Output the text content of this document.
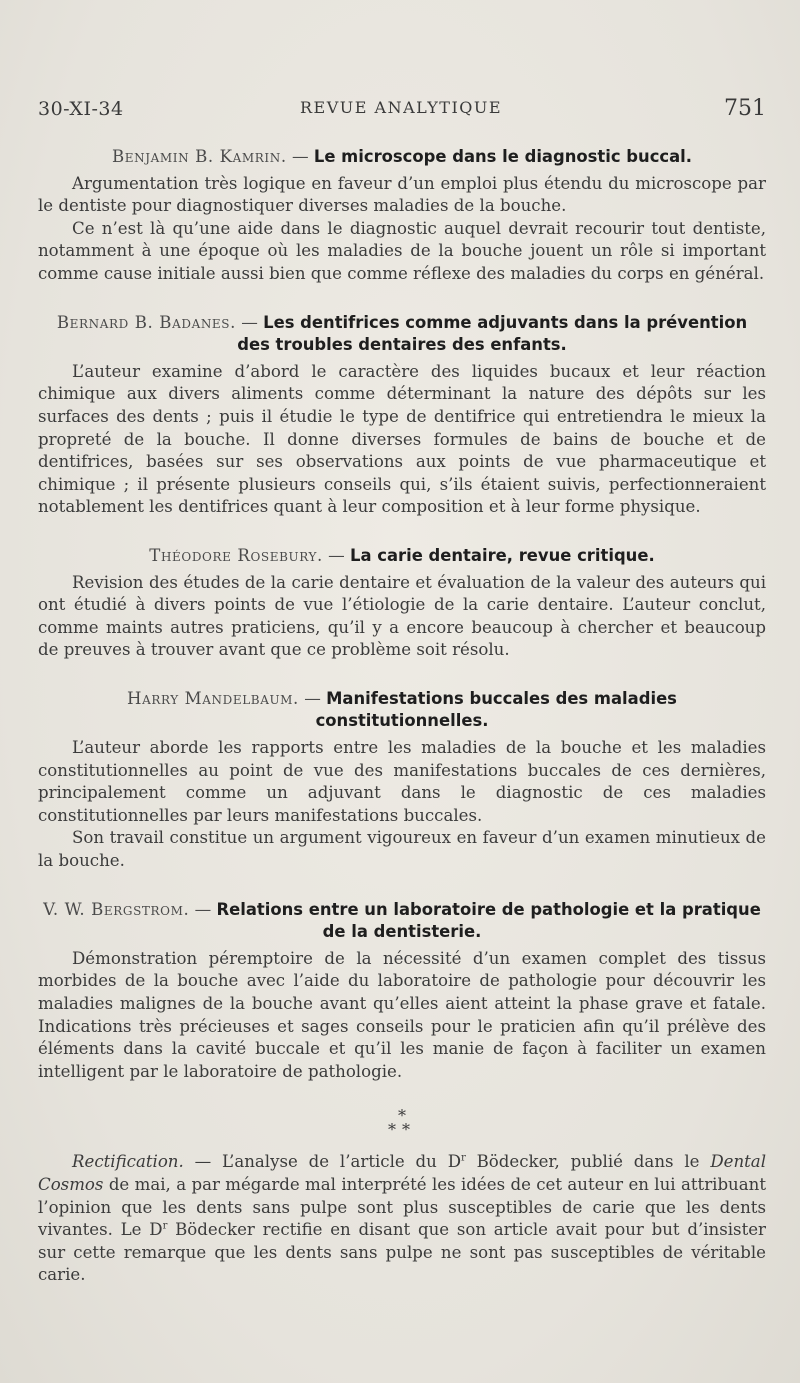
30-XI-34	REVUE ANALYTIQUE	751

Benjamin B. Kamrin. — Le microscope dans le diagnostic buccal.

Argumentation très logique en faveur d’un emploi plus étendu du microscope par le dentiste pour diagnostiquer diverses maladies de la bouche.

Ce n’est là qu’une aide dans le diagnostic auquel devrait recourir tout dentiste, notamment à une époque où les maladies de la bouche jouent un rôle si important comme cause initiale aussi bien que comme réflexe des maladies du corps en général.

Bernard B. Badanes. — Les dentifrices comme adjuvants dans la prévention des troubles dentaires des enfants.

L’auteur examine d’abord le caractère des liquides bucaux et leur réaction chimique aux divers aliments comme déterminant la nature des dépôts sur les surfaces des dents ; puis il étudie le type de dentifrice qui entretiendra le mieux la propreté de la bouche. Il donne diverses formules de bains de bouche et de dentifrices, basées sur ses observations aux points de vue pharmaceutique et chimique ; il présente plusieurs conseils qui, s’ils étaient suivis, perfectionneraient notablement les dentifrices quant à leur composition et à leur forme physique.

Théodore Rosebury. — La carie dentaire, revue critique.

Revision des études de la carie dentaire et évaluation de la valeur des auteurs qui ont étudié à divers points de vue l’étiologie de la carie dentaire. L’auteur conclut, comme maints autres praticiens, qu’il y a encore beaucoup à chercher et beaucoup de preuves à trouver avant que ce problème soit résolu.

Harry Mandelbaum. — Manifestations buccales des maladies constitutionnelles.

L’auteur aborde les rapports entre les maladies de la bouche et les maladies constitutionnelles au point de vue des manifestations buccales de ces dernières, principalement comme un adjuvant dans le diagnostic de ces maladies constitutionnelles par leurs manifestations buccales.

Son travail constitue un argument vigoureux en faveur d’un examen minutieux de la bouche.

V. W. Bergstrom. — Relations entre un laboratoire de pathologie et la pratique de la dentisterie.

Démonstration péremptoire de la nécessité d’un examen complet des tissus morbides de la bouche avec l’aide du laboratoire de pathologie pour découvrir les maladies malignes de la bouche avant qu’elles aient atteint la phase grave et fatale. Indications très précieuses et sages conseils pour le praticien afin qu’il prélève des éléments dans la cavité buccale et qu’il les manie de façon à faciliter un examen intelligent par le laboratoire de pathologie.

*
**

Rectification. — L’analyse de l’article du $D^r$ Bödecker, publié dans le Dental Cosmos de mai, a par mégarde mal interprété les idées de cet auteur en lui attribuant l’opinion que les dents sans pulpe sont plus susceptibles de carie que les dents vivantes. Le $D^r$ Bödecker rectifie en disant que son article avait pour but d’insister sur cette remarque que les dents sans pulpe ne sont pas susceptibles de véritable carie.
